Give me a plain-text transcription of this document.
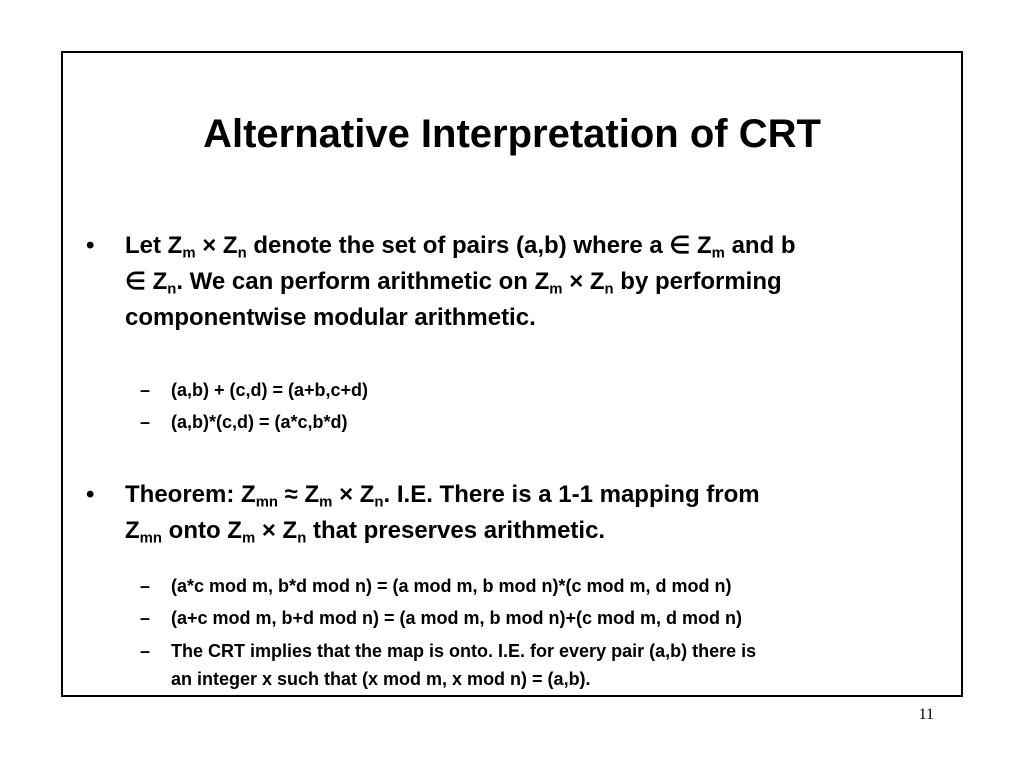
Alternative Interpretation of CRT
•	Let $Z_m \times Z_n$ denote the set of pairs (a,b) where a ∈ $Z_m$ and b
∈ $Z_n$. We can perform arithmetic on $Z_m \times Z_n$ by performing
componentwise modular arithmetic.
– (a,b) + (c,d) = (a+b,c+d)
– (a,b)*(c,d) = (a*c,b*d)
•	Theorem: $Z_{mn} \approx Z_m \times Z_n$. I.E. There is a 1-1 mapping from
$Z_{mn}$ onto $Z_m \times Z_n$ that preserves arithmetic.
– (a*c mod m, b*d mod n) = (a mod m, b mod n)*(c mod m, d mod n)
– (a+c mod m, b+d mod n) = (a mod m, b mod n)+(c mod m, d mod n)
– The CRT implies that the map is onto. I.E. for every pair (a,b) there is
an integer x such that (x mod m, x mod n) = (a,b).
11
